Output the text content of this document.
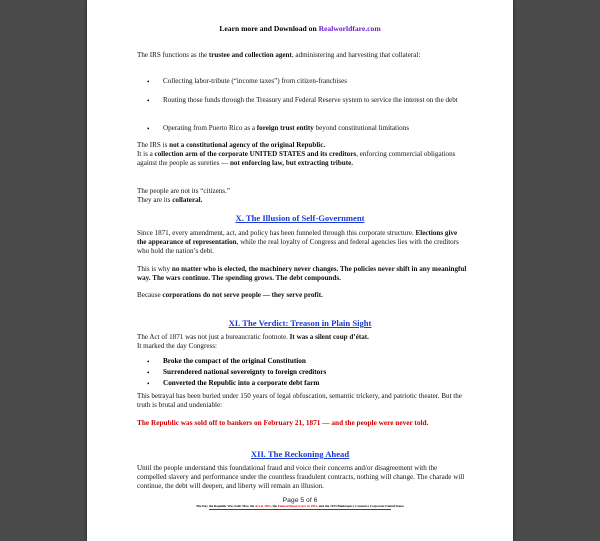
Learn more and Download on Realworldfare.com
The IRS functions as the trustee and collection agent, administering and harvesting that collateral:
• Collecting labor-tribute (“income taxes”) from citizen-franchises
• Routing those funds through the Treasury and Federal Reserve system to service the interest on the debt
• Operating from Puerto Rico as a foreign trust entity beyond constitutional limitations
The IRS is not a constitutional agency of the original Republic.
It is a collection arm of the corporate UNITED STATES and its creditors, enforcing commercial obligations against the people as sureties — not enforcing law, but extracting tribute.
The people are not its “citizens.”
They are its collateral.
X. The Illusion of Self-Government
Since 1871, every amendment, act, and policy has been funneled through this corporate structure. Elections give the appearance of representation, while the real loyalty of Congress and federal agencies lies with the creditors who hold the nation’s debt.
This is why no matter who is elected, the machinery never changes. The policies never shift in any meaningful way. The wars continue. The spending grows. The debt compounds.
Because corporations do not serve people — they serve profit.
XI. The Verdict: Treason in Plain Sight
The Act of 1871 was not just a bureaucratic footnote. It was a silent coup d’état.
It marked the day Congress:
• Broke the compact of the original Constitution
• Surrendered national sovereignty to foreign creditors
• Converted the Republic into a corporate debt farm
This betrayal has been buried under 150 years of legal obfuscation, semantic trickery, and patriotic theater. But the truth is brutal and undeniable:
The Republic was sold off to bankers on February 21, 1871 — and the people were never told.
XII. The Reckoning Ahead
Until the people understand this foundational fraud and voice their concerns and/or disagreement with the compelled slavery and performance under the countless fraudulent contracts, nothing will change. The charade will continue, the debt will deepen, and liberty will remain an illusion.
Page 5 of 6
The Day the Republic Was Sold: How the Act of 1871, the Federal Reserve Act of 1913, and the 1933 Bankruptcy Created a Corporate United States
